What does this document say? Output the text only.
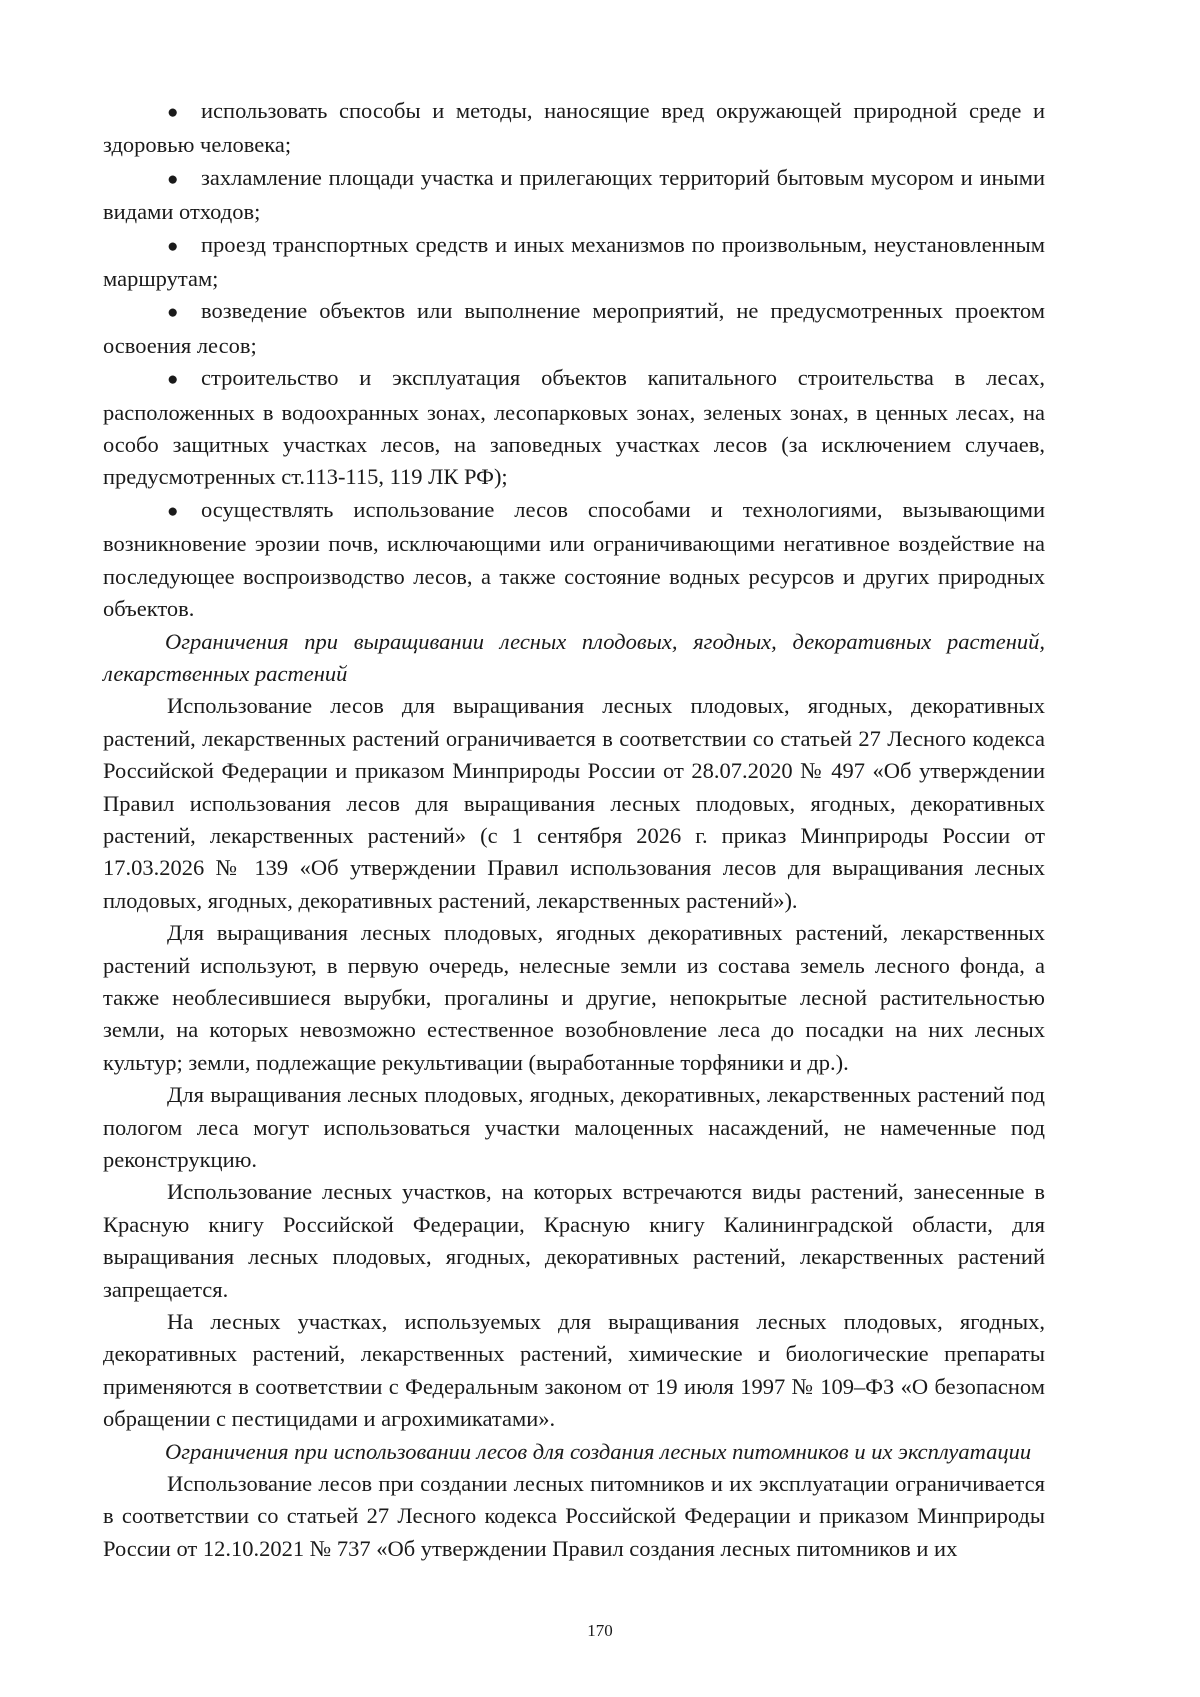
● использовать способы и методы, наносящие вред окружающей природной среде и здоровью человека;

● захламление площади участка и прилегающих территорий бытовым мусором и иными видами отходов;

● проезд транспортных средств и иных механизмов по произвольным, неустановленным маршрутам;

● возведение объектов или выполнение мероприятий, не предусмотренных проектом освоения лесов;

● строительство и эксплуатация объектов капитального строительства в лесах, расположенных в водоохранных зонах, лесопарковых зонах, зеленых зонах, в ценных лесах, на особо защитных участках лесов, на заповедных участках лесов (за исключением случаев, предусмотренных ст.113-115, 119 ЛК РФ);

● осуществлять использование лесов способами и технологиями, вызывающими возникновение эрозии почв, исключающими или ограничивающими негативное воздействие на последующее воспроизводство лесов, а также состояние водных ресурсов и других природных объектов.

Ограничения при выращивании лесных плодовых, ягодных, декоративных растений, лекарственных растений

Использование лесов для выращивания лесных плодовых, ягодных, декоративных растений, лекарственных растений ограничивается в соответствии со статьей 27 Лесного кодекса Российской Федерации и приказом Минприроды России от 28.07.2020 № 497 «Об утверждении Правил использования лесов для выращивания лесных плодовых, ягодных, декоративных растений, лекарственных растений» (с 1 сентября 2026 г. приказ Минприроды России от 17.03.2026 № 139 «Об утверждении Правил использования лесов для выращивания лесных плодовых, ягодных, декоративных растений, лекарственных растений»).

Для выращивания лесных плодовых, ягодных декоративных растений, лекарственных растений используют, в первую очередь, нелесные земли из состава земель лесного фонда, а также необлесившиеся вырубки, прогалины и другие, непокрытые лесной растительностью земли, на которых невозможно естественное возобновление леса до посадки на них лесных культур; земли, подлежащие рекультивации (выработанные торфяники и др.).

Для выращивания лесных плодовых, ягодных, декоративных, лекарственных растений под пологом леса могут использоваться участки малоценных насаждений, не намеченные под реконструкцию.

Использование лесных участков, на которых встречаются виды растений, занесенные в Красную книгу Российской Федерации, Красную книгу Калининградской области, для выращивания лесных плодовых, ягодных, декоративных растений, лекарственных растений запрещается.

На лесных участках, используемых для выращивания лесных плодовых, ягодных, декоративных растений, лекарственных растений, химические и биологические препараты применяются в соответствии с Федеральным законом от 19 июля 1997 № 109–ФЗ «О безопасном обращении с пестицидами и агрохимикатами».

Ограничения при использовании лесов для создания лесных питомников и их эксплуатации

Использование лесов при создании лесных питомников и их эксплуатации ограничивается в соответствии со статьей 27 Лесного кодекса Российской Федерации и приказом Минприроды России от 12.10.2021 № 737 «Об утверждении Правил создания лесных питомников и их

170
